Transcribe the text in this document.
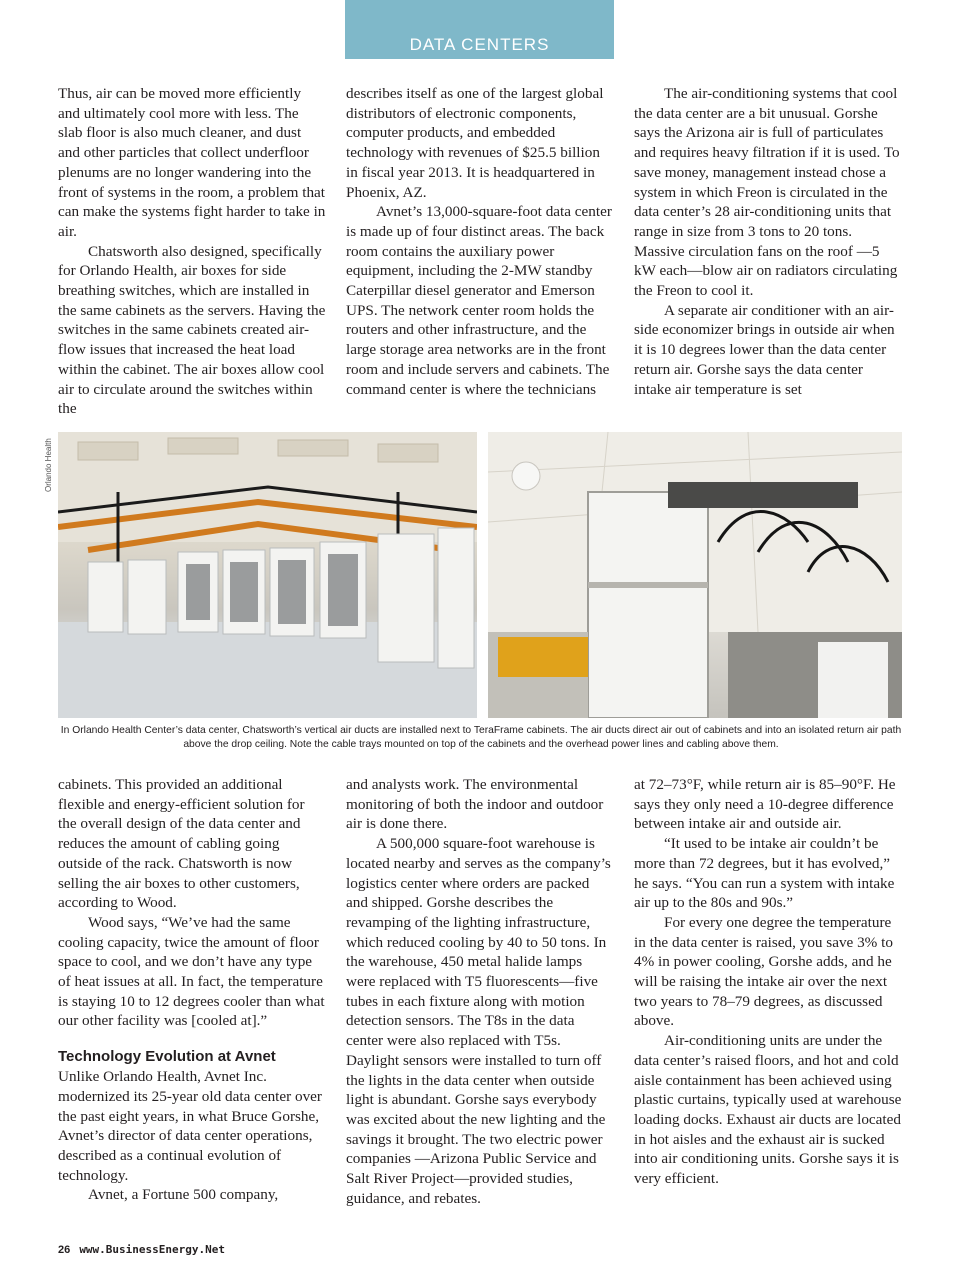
DATA CENTERS

Thus, air can be moved more efficiently and ultimately cool more with less. The slab floor is also much cleaner, and dust and other particles that collect underfloor plenums are no longer wandering into the front of systems in the room, a problem that can make the systems fight harder to take in air.

Chatsworth also designed, specifically for Orlando Health, air boxes for side breathing switches, which are installed in the same cabinets as the servers. Having the switches in the same cabinets created air-flow issues that increased the heat load within the cabinet. The air boxes allow cool air to circulate around the switches within the

describes itself as one of the largest global distributors of electronic components, computer products, and embedded technology with revenues of $25.5 billion in fiscal year 2013. It is headquartered in Phoenix, AZ.

Avnet’s 13,000-square-foot data center is made up of four distinct areas. The back room contains the auxiliary power equipment, including the 2-MW standby Caterpillar diesel generator and Emerson UPS. The network center room holds the routers and other infrastructure, and the large storage area networks are in the front room and include servers and cabinets. The command center is where the technicians

The air-conditioning systems that cool the data center are a bit unusual. Gorshe says the Arizona air is full of particulates and requires heavy filtration if it is used. To save money, management instead chose a system in which Freon is circulated in the data center’s 28 air-conditioning units that range in size from 3 tons to 20 tons. Massive circulation fans on the roof —5 kW each—blow air on radiators circulating the Freon to cool it.

A separate air conditioner with an air-side economizer brings in outside air when it is 10 degrees lower than the data center return air. Gorshe says the data center intake air temperature is set

Orlando Health
In Orlando Health Center’s data center, Chatsworth’s vertical air ducts are installed next to TeraFrame cabinets. The air ducts direct air out of cabinets and into an isolated return air path above the drop ceiling. Note the cable trays mounted on top of the cabinets and the overhead power lines and cabling above them.

cabinets. This provided an additional flexible and energy-efficient solution for the overall design of the data center and reduces the amount of cabling going outside of the rack. Chatsworth is now selling the air boxes to other customers, according to Wood.

Wood says, “We’ve had the same cooling capacity, twice the amount of floor space to cool, and we don’t have any type of heat issues at all. In fact, the temperature is staying 10 to 12 degrees cooler than what our other facility was [cooled at].”

Technology Evolution at Avnet

Unlike Orlando Health, Avnet Inc. modernized its 25-year old data center over the past eight years, in what Bruce Gorshe, Avnet’s director of data center operations, described as a continual evolution of technology.

Avnet, a Fortune 500 company,

and analysts work. The environmental monitoring of both the indoor and outdoor air is done there.

A 500,000 square-foot warehouse is located nearby and serves as the company’s logistics center where orders are packed and shipped. Gorshe describes the revamping of the lighting infrastructure, which reduced cooling by 40 to 50 tons. In the warehouse, 450 metal halide lamps were replaced with T5 fluorescents—five tubes in each fixture along with motion detection sensors. The T8s in the data center were also replaced with T5s. Daylight sensors were installed to turn off the lights in the data center when outside light is abundant. Gorshe says everybody was excited about the new lighting and the savings it brought. The two electric power companies —Arizona Public Service and Salt River Project—provided studies, guidance, and rebates.

at 72–73°F, while return air is 85–90°F. He says they only need a 10-degree difference between intake air and outside air.

“It used to be intake air couldn’t be more than 72 degrees, but it has evolved,” he says. “You can run a system with intake air up to the 80s and 90s.”

For every one degree the temperature in the data center is raised, you save 3% to 4% in power cooling, Gorshe adds, and he will be raising the intake air over the next two years to 78–79 degrees, as discussed above.

Air-conditioning units are under the data center’s raised floors, and hot and cold aisle containment has been achieved using plastic curtains, typically used at warehouse loading docks. Exhaust air ducts are located in hot aisles and the exhaust air is sucked into air conditioning units. Gorshe says it is very efficient.

26 www.BusinessEnergy.Net
